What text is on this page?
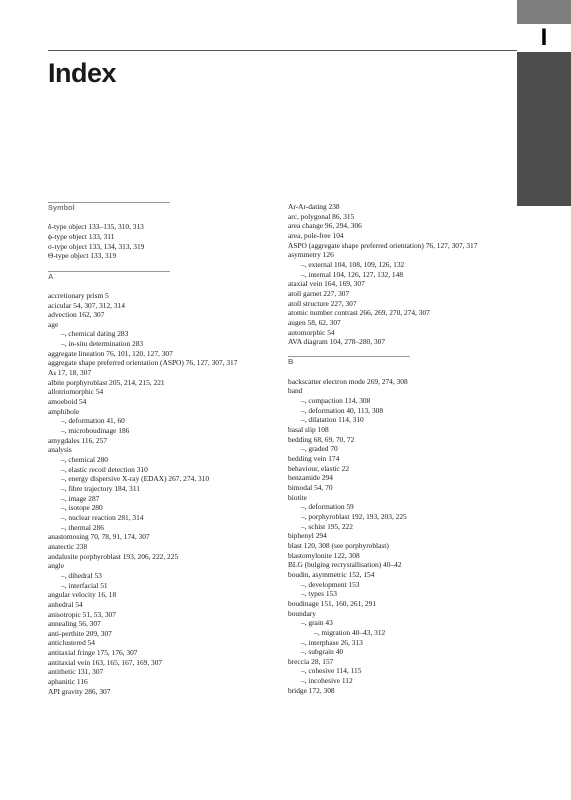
I
Index
Symbol
δ-type object 133–135, 310, 313
ϕ-type object 133, 311
σ-type object 133, 134, 313, 319
Θ-type object 133, 319
A
accretionary prism 5
acicular 54, 307, 312, 314
advection 162, 307
age
–, chemical dating 283
–, in-situ determination 283
aggregate lineation 76, 101, 120, 127, 307
aggregate shape preferred orientation (ASPO) 76, 127, 307, 317
Aₖ 17, 18, 307
albite porphyroblast 205, 214, 215, 221
allotriomorphic 54
amoeboid 54
amphibole
–, deformation 41, 60
–, microboudinage 186
amygdales 116, 257
analysis
–, chemical 280
–, elastic recoil detection 310
–, energy dispersive X-ray (EDAX) 267, 274, 310
–, fibre trajectory 184, 311
–, image 287
–, isotope 280
–, nuclear reaction 281, 314
–, thermal 286
anastomosing 70, 78, 91, 174, 307
anatectic 238
andalusite porphyroblast 193, 206, 222, 225
angle
–, dihedral 53
–, interfacial 51
angular velocity 16, 18
anhedral 54
anisotropic 51, 53, 307
annealing 56, 307
anti-perthite 209, 307
anticlustered 54
antitaxial fringe 175, 176, 307
antitaxial vein 163, 165, 167, 169, 307
antithetic 131, 307
aphanitic 116
API gravity 286, 307
Ar-Ar-dating 238
arc, polygonal 86, 315
area change 96, 294, 306
area, pole-free 104
ASPO (aggregate shape preferred orientation) 76, 127, 307, 317
asymmetry 126
–, external 104, 108, 109, 126, 132
–, internal 104, 126, 127, 132, 148
ataxial vein 164, 169, 307
atoll garnet 227, 307
atoll structure 227, 307
atomic number contrast 266, 269, 270, 274, 307
augen 58, 62, 307
automorphic 54
AVA diagram 104, 278–280, 307
B
backscatter electron mode 269, 274, 308
band
–, compaction 114, 308
–, deformation 40, 113, 308
–, dilatation 114, 310
basal slip 108
bedding 68, 69, 70, 72
–, graded 70
bedding vein 174
behaviour, elastic 22
benzamide 294
bimodal 54, 70
biotite
–, deformation 59
–, porphyroblast 192, 193, 203, 225
–, schist 195, 222
biphenyl 294
blast 120, 308 (see porphyroblast)
blastomylonite 122, 308
BLG (bulging recrystallisation) 40–42
boudin, asymmetric 152, 154
–, development 153
–, types 153
boudinage 151, 160, 261, 291
boundary
–, grain 43
–, migration 40–43, 312
–, interphase 26, 313
–, subgrain 40
breccia 28, 157
–, cohesive 114, 115
–, incohesive 112
bridge 172, 308
